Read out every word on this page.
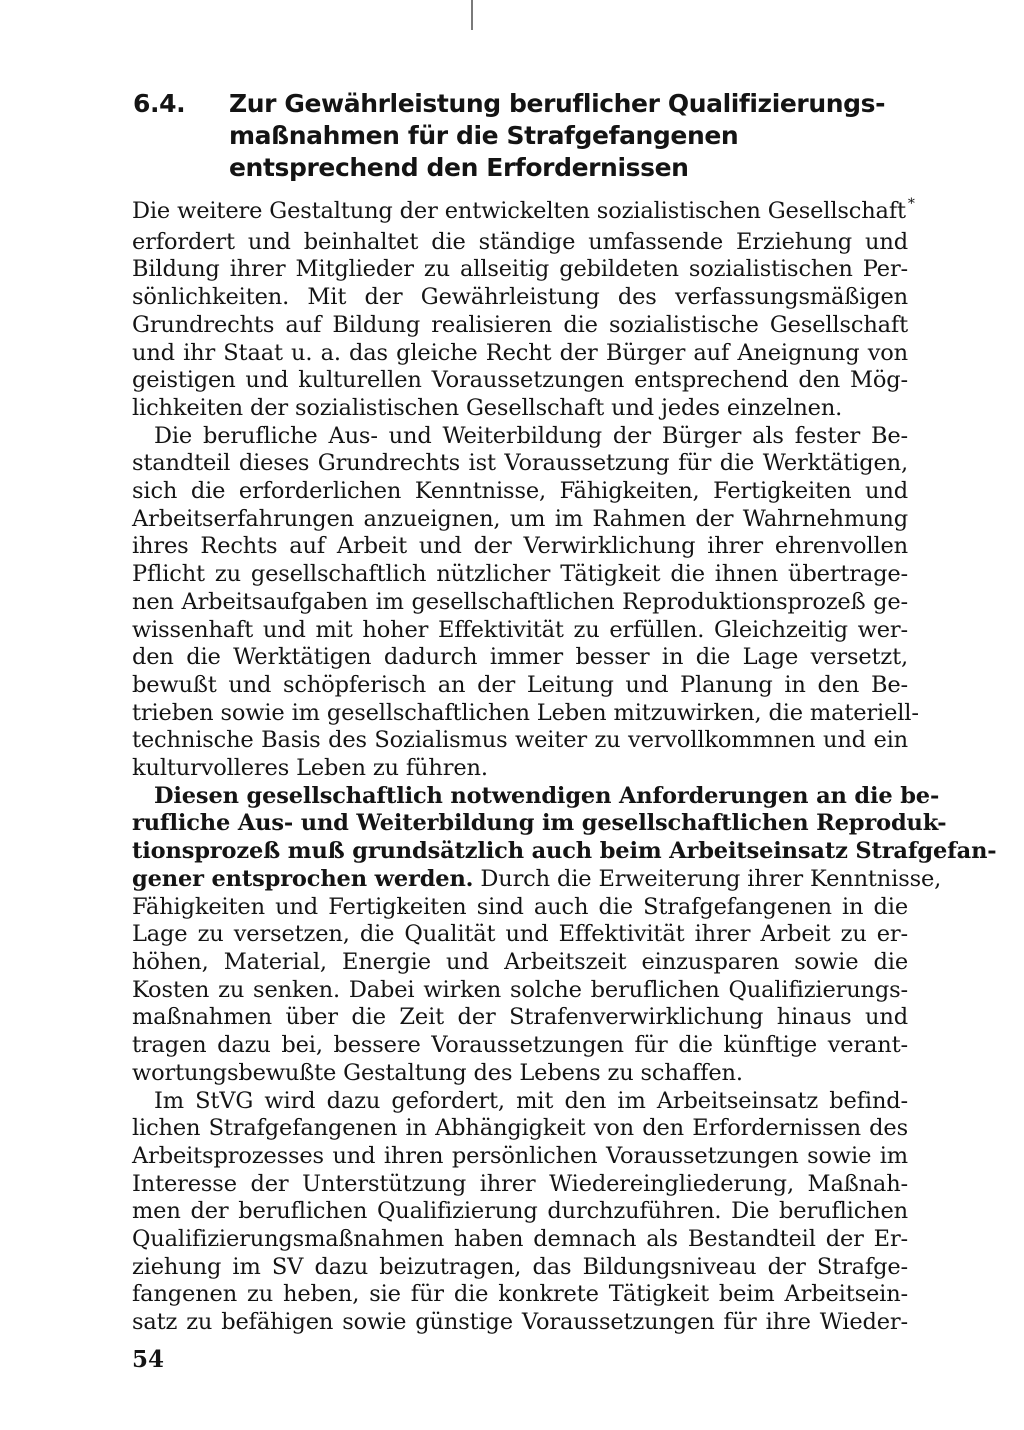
6.4. Zur Gewährleistung beruflicher Qualifizierungs-
maßnahmen für die Strafgefangenen
entsprechend den Erfordernissen
Die weitere Gestaltung der entwickelten sozialistischen Gesellschaft *
erfordert und beinhaltet die ständige umfassende Erziehung und
Bildung ihrer Mitglieder zu allseitig gebildeten sozialistischen Per-
sönlichkeiten. Mit der Gewährleistung des verfassungsmäßigen
Grundrechts auf Bildung realisieren die sozialistische Gesellschaft
und ihr Staat u. a. das gleiche Recht der Bürger auf Aneignung von
geistigen und kulturellen Voraussetzungen entsprechend den Mög-
lichkeiten der sozialistischen Gesellschaft und jedes einzelnen.
Die berufliche Aus- und Weiterbildung der Bürger als fester Be-
standteil dieses Grundrechts ist Voraussetzung für die Werktätigen,
sich die erforderlichen Kenntnisse, Fähigkeiten, Fertigkeiten und
Arbeitserfahrungen anzueignen, um im Rahmen der Wahrnehmung
ihres Rechts auf Arbeit und der Verwirklichung ihrer ehrenvollen
Pflicht zu gesellschaftlich nützlicher Tätigkeit die ihnen übertrage-
nen Arbeitsaufgaben im gesellschaftlichen Reproduktionsprozeß ge-
wissenhaft und mit hoher Effektivität zu erfüllen. Gleichzeitig wer-
den die Werktätigen dadurch immer besser in die Lage versetzt,
bewußt und schöpferisch an der Leitung und Planung in den Be-
trieben sowie im gesellschaftlichen Leben mitzuwirken, die materiell-
technische Basis des Sozialismus weiter zu vervollkommnen und ein
kulturvolleres Leben zu führen.
Diesen gesellschaftlich notwendigen Anforderungen an die be-
rufliche Aus- und Weiterbildung im gesellschaftlichen Reproduk-
tionsprozeß muß grundsätzlich auch beim Arbeitseinsatz Strafgefan-
gener entsprochen werden. Durch die Erweiterung ihrer Kenntnisse,
Fähigkeiten und Fertigkeiten sind auch die Strafgefangenen in die
Lage zu versetzen, die Qualität und Effektivität ihrer Arbeit zu er-
höhen, Material, Energie und Arbeitszeit einzusparen sowie die
Kosten zu senken. Dabei wirken solche beruflichen Qualifizierungs-
maßnahmen über die Zeit der Strafenverwirklichung hinaus und
tragen dazu bei, bessere Voraussetzungen für die künftige verant-
wortungsbewußte Gestaltung des Lebens zu schaffen.
Im StVG wird dazu gefordert, mit den im Arbeitseinsatz befind-
lichen Strafgefangenen in Abhängigkeit von den Erfordernissen des
Arbeitsprozesses und ihren persönlichen Voraussetzungen sowie im
Interesse der Unterstützung ihrer Wiedereingliederung, Maßnah-
men der beruflichen Qualifizierung durchzuführen. Die beruflichen
Qualifizierungsmaßnahmen haben demnach als Bestandteil der Er-
ziehung im SV dazu beizutragen, das Bildungsniveau der Strafge-
fangenen zu heben, sie für die konkrete Tätigkeit beim Arbeitsein-
satz zu befähigen sowie günstige Voraussetzungen für ihre Wieder-
54
